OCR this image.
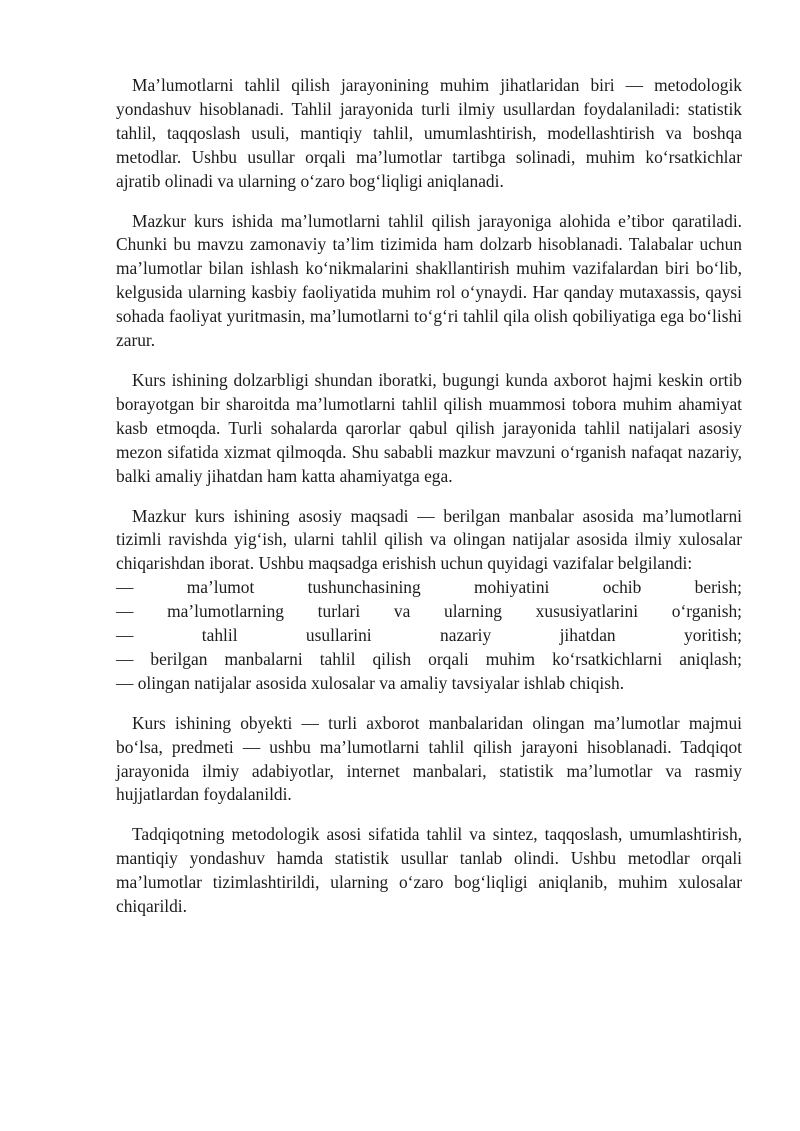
Ma’lumotlarni tahlil qilish jarayonining muhim jihatlaridan biri — metodologik yondashuv hisoblanadi. Tahlil jarayonida turli ilmiy usullardan foydalaniladi: statistik tahlil, taqqoslash usuli, mantiqiy tahlil, umumlashtirish, modellashtirish va boshqa metodlar. Ushbu usullar orqali ma’lumotlar tartibga solinadi, muhim ko‘rsatkichlar ajratib olinadi va ularning o‘zaro bog‘liqligi aniqlanadi.

Mazkur kurs ishida ma’lumotlarni tahlil qilish jarayoniga alohida e’tibor qaratiladi. Chunki bu mavzu zamonaviy ta’lim tizimida ham dolzarb hisoblanadi. Talabalar uchun ma’lumotlar bilan ishlash ko‘nikmalarini shakllantirish muhim vazifalardan biri bo‘lib, kelgusida ularning kasbiy faoliyatida muhim rol o‘ynaydi. Har qanday mutaxassis, qaysi sohada faoliyat yuritmasin, ma’lumotlarni to‘g‘ri tahlil qila olish qobiliyatiga ega bo‘lishi zarur.

Kurs ishining dolzarbligi shundan iboratki, bugungi kunda axborot hajmi keskin ortib borayotgan bir sharoitda ma’lumotlarni tahlil qilish muammosi tobora muhim ahamiyat kasb etmoqda. Turli sohalarda qarorlar qabul qilish jarayonida tahlil natijalari asosiy mezon sifatida xizmat qilmoqda. Shu sababli mazkur mavzuni o‘rganish nafaqat nazariy, balki amaliy jihatdan ham katta ahamiyatga ega.

Mazkur kurs ishining asosiy maqsadi — berilgan manbalar asosida ma’lumotlarni tizimli ravishda yig‘ish, ularni tahlil qilish va olingan natijalar asosida ilmiy xulosalar chiqarishdan iborat. Ushbu maqsadga erishish uchun quyidagi vazifalar belgilandi:

— ma’lumot tushunchasining mohiyatini ochib berish;
— ma’lumotlarning turlari va ularning xususiyatlarini o‘rganish;
— tahlil usullarini nazariy jihatdan yoritish;
— berilgan manbalarni tahlil qilish orqali muhim ko‘rsatkichlarni aniqlash;
— olingan natijalar asosida xulosalar va amaliy tavsiyalar ishlab chiqish.

Kurs ishining obyekti — turli axborot manbalaridan olingan ma’lumotlar majmui bo‘lsa, predmeti — ushbu ma’lumotlarni tahlil qilish jarayoni hisoblanadi. Tadqiqot jarayonida ilmiy adabiyotlar, internet manbalari, statistik ma’lumotlar va rasmiy hujjatlardan foydalanildi.

Tadqiqotning metodologik asosi sifatida tahlil va sintez, taqqoslash, umumlashtirish, mantiqiy yondashuv hamda statistik usullar tanlab olindi. Ushbu metodlar orqali ma’lumotlar tizimlashtirildi, ularning o‘zaro bog‘liqligi aniqlanib, muhim xulosalar chiqarildi.
